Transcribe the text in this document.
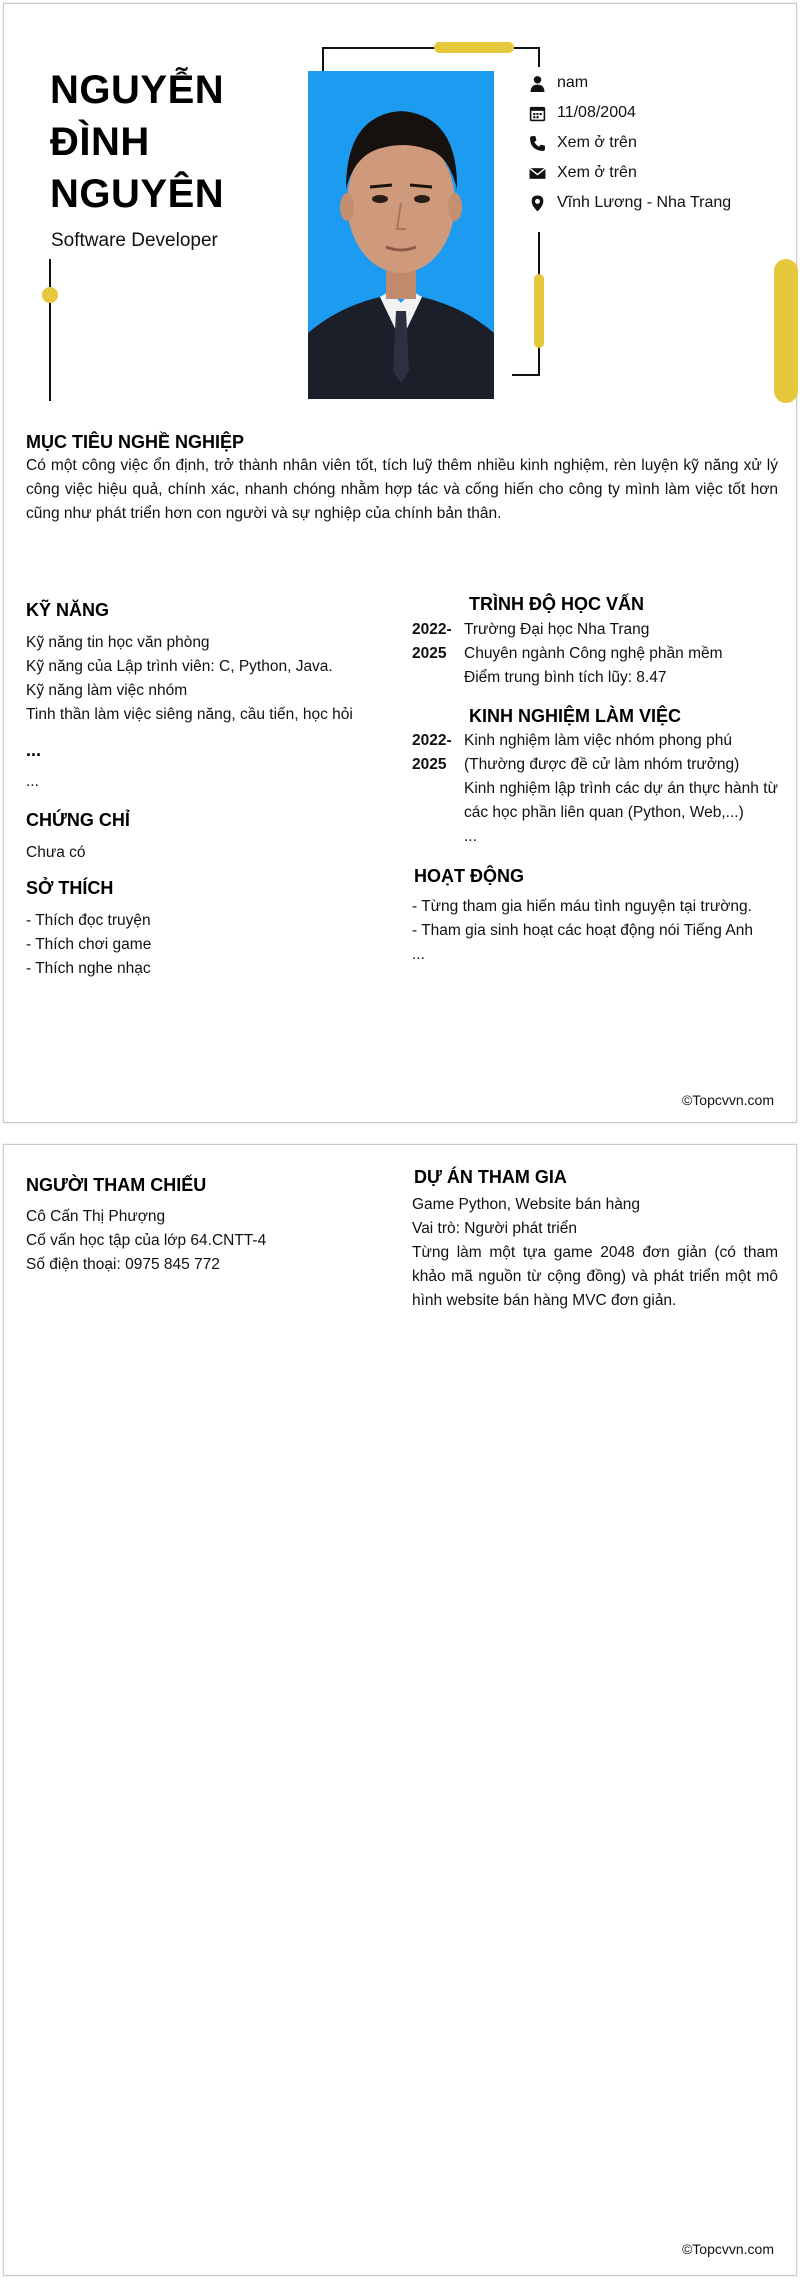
NGUYỄN
ĐÌNH
NGUYÊN
Software Developer
nam
11/08/2004
Xem ở trên
Xem ở trên
Vĩnh Lương - Nha Trang
MỤC TIÊU NGHỀ NGHIỆP
Có một công việc ổn định, trở thành nhân viên tốt, tích luỹ thêm nhiều kinh nghiệm, rèn luyện kỹ năng xử lý công việc hiệu quả, chính xác, nhanh chóng nhằm hợp tác và cống hiến cho công ty mình làm việc tốt hơn cũng như phát triển hơn con người và sự nghiệp của chính bản thân.
KỸ NĂNG
Kỹ năng tin học văn phòng
Kỹ năng của Lập trình viên: C, Python, Java.
Kỹ năng làm việc nhóm
Tinh thần làm việc siêng năng, cầu tiến, học hỏi
...
...
CHỨNG CHỈ
Chưa có
SỞ THÍCH
- Thích đọc truyện
- Thích chơi game
- Thích nghe nhạc
TRÌNH ĐỘ HỌC VẤN
2022-
2025
Trường Đại học Nha Trang
Chuyên ngành Công nghệ phần mềm
Điểm trung bình tích lũy: 8.47
KINH NGHIỆM LÀM VIỆC
2022-
2025
Kinh nghiệm làm việc nhóm phong phú
(Thường được đề cử làm nhóm trưởng)
Kinh nghiệm lập trình các dự án thực hành từ các học phần liên quan (Python, Web,...)
...
HOẠT ĐỘNG
- Từng tham gia hiến máu tình nguyện tại trường.
- Tham gia sinh hoạt các hoạt động nói Tiếng Anh
...
©Topcvvn.com
NGƯỜI THAM CHIẾU
Cô Cấn Thị Phượng
Cố vấn học tập của lớp 64.CNTT-4
Số điện thoại: 0975 845 772
DỰ ÁN THAM GIA
Game Python, Website bán hàng
Vai trò: Người phát triển
Từng làm một tựa game 2048 đơn giản (có tham khảo mã nguồn từ cộng đồng) và phát triển một mô hình website bán hàng MVC đơn giản.
©Topcvvn.com
